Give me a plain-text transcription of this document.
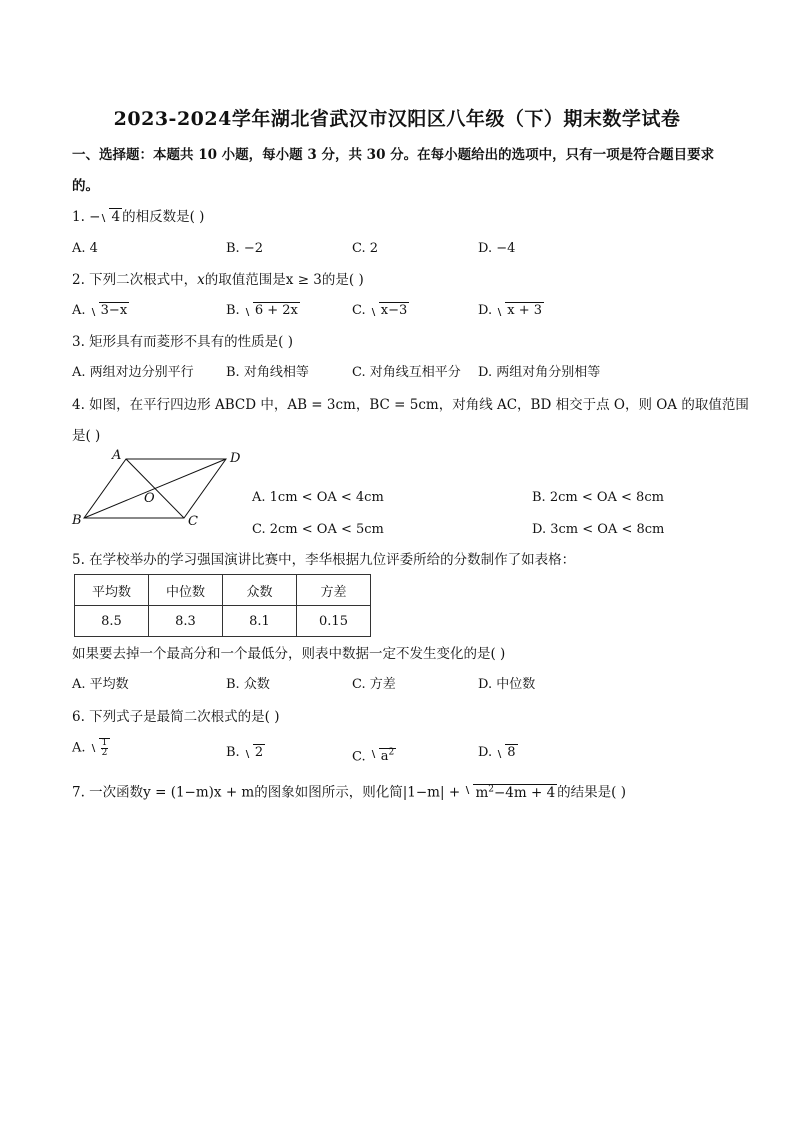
2023-2024学年湖北省武汉市汉阳区八年级（下）期末数学试卷
一、选择题：本题共 10 小题，每小题 3 分，共 30 分。在每小题给出的选项中，只有一项是符合题目要求
的。
1. − 4 的相反数是( )
A. 4	B. −2	C. 2	D. −4
2. 下列二次根式中，x的取值范围是x ≥ 3的是( )
A. 3−x	B. 6 + 2x	C. x−3	D. x + 3
3. 矩形具有而菱形不具有的性质是( )
A. 两组对边分别平行 B. 对角线相等	C. 对角线互相平分 D. 两组对角分别相等
4. 如图，在平行四边形 ABCD 中，AB = 3cm，BC = 5cm，对角线 AC，BD 相交于点 O，则 OA 的取值范围
是( )
A	D
B	C
O	A. 1cm < OA < 4cm	B. 2cm < OA < 8cm
C. 2cm < OA < 5cm	D. 3cm < OA < 8cm
5. 在学校举办的学习强国演讲比赛中，李华根据九位评委所给的分数制作了如表格：
平均数	中位数	众数	方差
8.5	8.3	8.1	0.15
如果要去掉一个最高分和一个最低分，则表中数据一定不发生变化的是( )
A. 平均数	B. 众数	C. 方差	D. 中位数
6. 下列式子是最简二次根式的是( )
A. $\frac{1}{2}$	B. 2	C. $a^2$	D. 8
7. 一次函数y = (1−m)x + m的图象如图所示，则化简$|1-m| + m^2-4m + 4$ 的结果是( )
